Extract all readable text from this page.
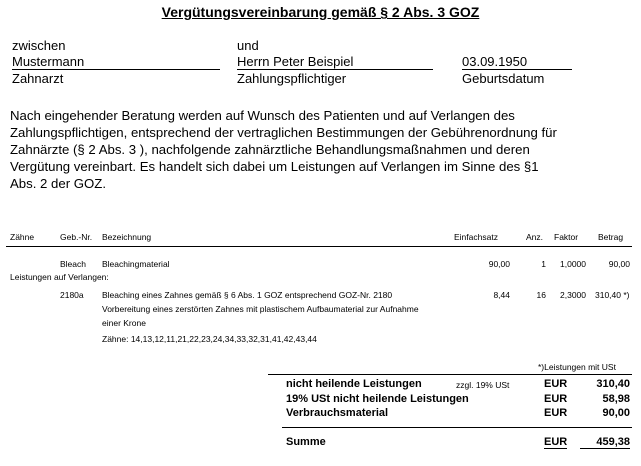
Vergütungsvereinbarung gemäß § 2 Abs. 3 GOZ
zwischen	und
Mustermann	Herrn Peter Beispiel	03.09.1950
Zahnarzt	Zahlungspflichtiger	Geburtsdatum
Nach eingehender Beratung werden auf Wunsch des Patienten und auf Verlangen des
Zahlungspflichtigen, entsprechend der vertraglichen Bestimmungen der Gebührenordnung für
Zahnärzte (§ 2 Abs. 3 ), nachfolgende zahnärztliche Behandlungsmaßnahmen und deren
Vergütung vereinbart. Es handelt sich dabei um Leistungen auf Verlangen im Sinne des §1
Abs. 2 der GOZ.
Zähne	Geb.-Nr. Bezeichnung	Einfachsatz	Anz. Faktor Betrag
Bleach Bleachingmaterial	90,00	1	1,0000	90,00
Leistungen auf Verlangen:
2180a Bleaching eines Zahnes gemäß § 6 Abs. 1 GOZ entsprechend GOZ-Nr. 2180	8,44	16	2,3000 310,40 *)
Vorbereitung eines zerstörten Zahnes mit plastischem Aufbaumaterial zur Aufnahme
einer Krone
Zähne: 14,13,12,11,21,22,23,24,34,33,32,31,41,42,43,44
*)Leistungen mit USt
nicht heilende Leistungen	zzgl. 19% USt	EUR	310,40
19% USt nicht heilende Leistungen	EUR	58,98
Verbrauchsmaterial	EUR	90,00
Summe	EUR	459,38
